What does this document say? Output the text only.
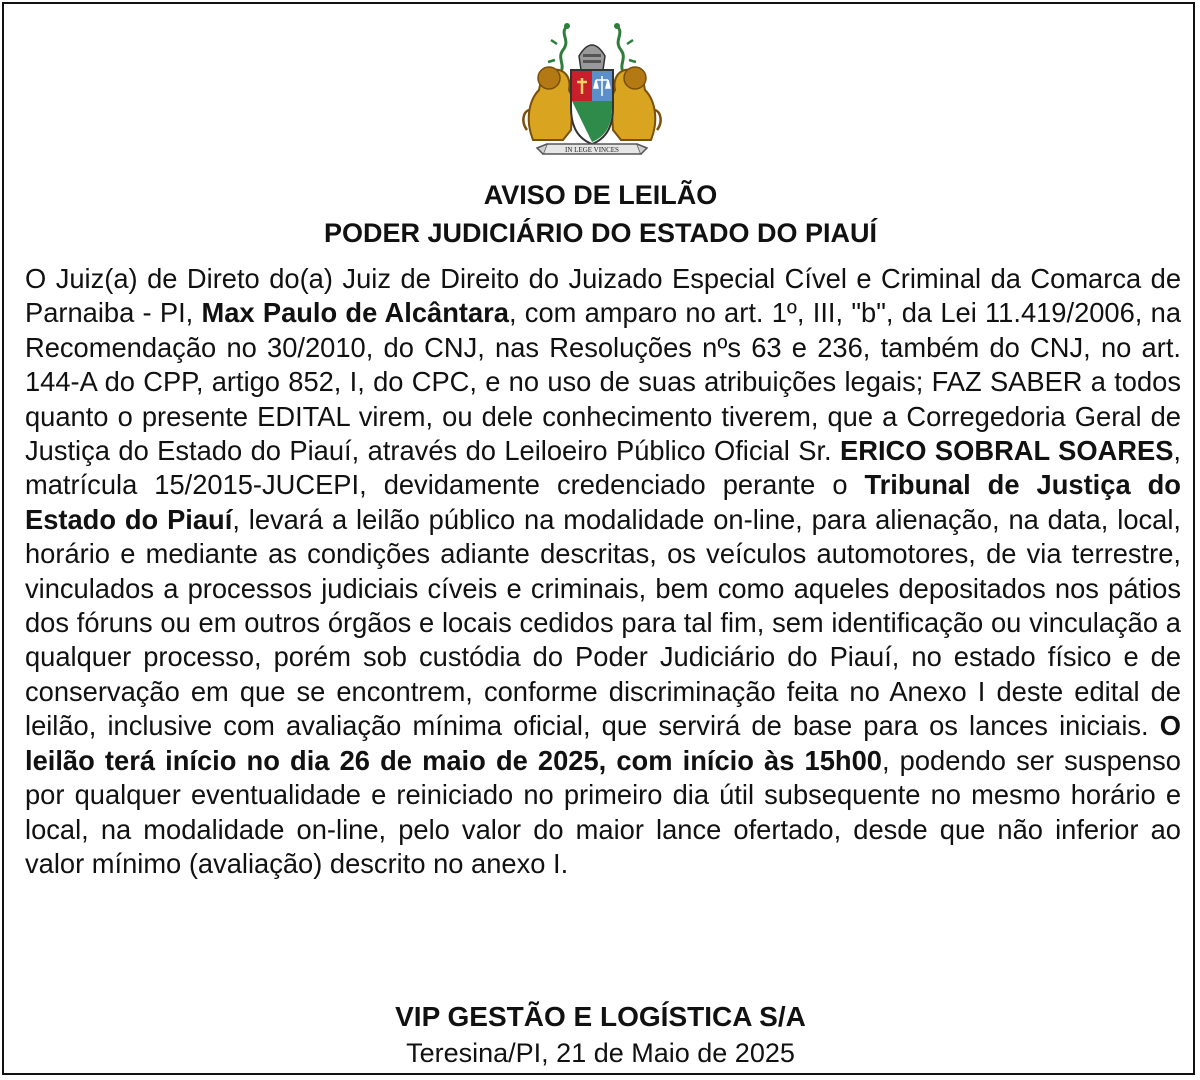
IN LEGE VINCES

AVISO DE LEILÃO

PODER JUDICIÁRIO DO ESTADO DO PIAUÍ

O Juiz(a) de Direto do(a) Juiz de Direito do Juizado Especial Cível e Criminal da Comarca de Parnaiba - PI, Max Paulo de Alcântara, com amparo no art. 1º, III, "b", da Lei 11.419/2006, na Recomendação no 30/2010, do CNJ, nas Resoluções nºs 63 e 236, também do CNJ, no art. 144-A do CPP, artigo 852, I, do CPC, e no uso de suas atribuições legais; FAZ SABER a todos quanto o presente EDITAL virem, ou dele conhecimento tiverem, que a Corregedoria Geral de Justiça do Estado do Piauí, através do Leiloeiro Público Oficial Sr. ERICO SOBRAL SOARES, matrícula 15/2015-JUCEPI, devidamente credenciado perante o Tribunal de Justiça do Estado do Piauí, levará a leilão público na modalidade on-line, para alienação, na data, local, horário e mediante as condições adiante descritas, os veículos automotores, de via terrestre, vinculados a processos judiciais cíveis e criminais, bem como aqueles depositados nos pátios dos fóruns ou em outros órgãos e locais cedidos para tal fim, sem identificação ou vinculação a qualquer processo, porém sob custódia do Poder Judiciário do Piauí, no estado físico e de conservação em que se encontrem, conforme discriminação feita no Anexo I deste edital de leilão, inclusive com avaliação mínima oficial, que servirá de base para os lances iniciais. O leilão terá início no dia 26 de maio de 2025, com início às 15h00, podendo ser suspenso por qualquer eventualidade e reiniciado no primeiro dia útil subsequente no mesmo horário e local, na modalidade on-line, pelo valor do maior lance ofertado, desde que não inferior ao valor mínimo (avaliação) descrito no anexo I.

VIP GESTÃO E LOGÍSTICA S/A

Teresina/PI, 21 de Maio de 2025
